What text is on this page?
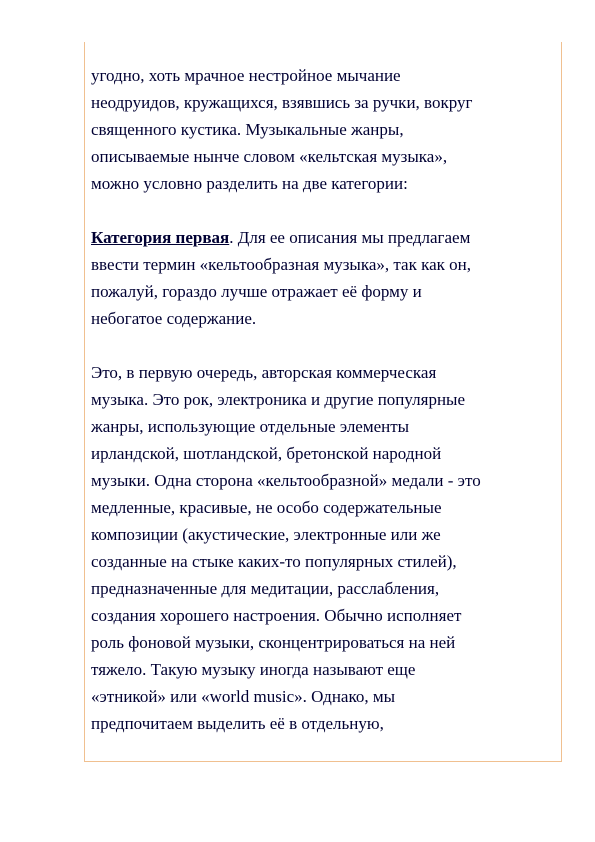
угодно, хоть мрачное нестройное мычание
неодруидов, кружащихся, взявшись за ручки, вокруг
священного кустика. Музыкальные жанры,
описываемые нынче словом «кельтская музыка»,
можно условно разделить на две категории:
Категория первая. Для ее описания мы предлагаем
ввести термин «кельтообразная музыка», так как он,
пожалуй, гораздо лучше отражает её форму и
небогатое содержание.
Это, в первую очередь, авторская коммерческая
музыка. Это рок, электроника и другие популярные
жанры, использующие отдельные элементы
ирландской, шотландской, бретонской народной
музыки. Одна сторона «кельтообразной» медали - это
медленные, красивые, не особо содержательные
композиции (акустические, электронные или же
созданные на стыке каких-то популярных стилей),
предназначенные для медитации, расслабления,
создания хорошего настроения. Обычно исполняет
роль фоновой музыки, сконцентрироваться на ней
тяжело. Такую музыку иногда называют еще
«этникой» или «world music». Однако, мы
предпочитаем выделить её в отдельную,
